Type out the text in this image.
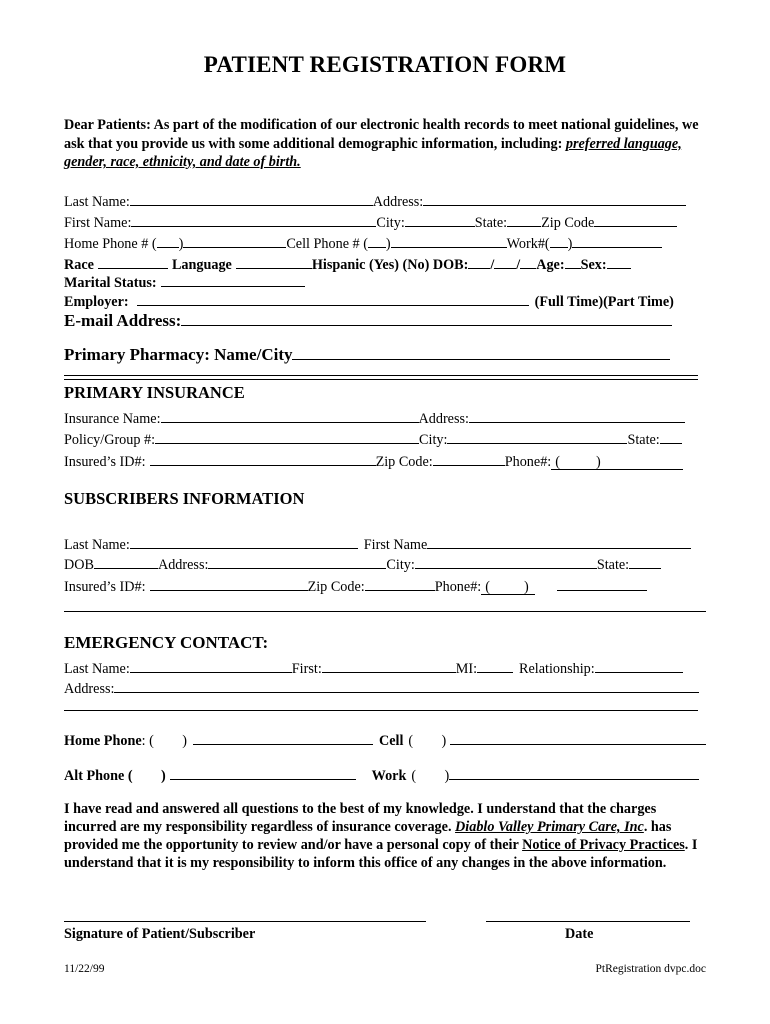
PATIENT REGISTRATION FORM
Dear Patients: As part of the modification of our electronic health records to meet national guidelines, we ask that you provide us with some additional demographic information, including: preferred language, gender, race, ethnicity, and date of birth.
Last Name:	Address:
First Name:	City:	State: Zip Code
Home Phone # ( )	Cell Phone # ( )	Work#( )
Race	Language	Hispanic (Yes) (No) DOB: / / Age: Sex:
Marital Status:
Employer:	(Full Time)(Part Time)
E-mail Address:
Primary Pharmacy: Name/City
PRIMARY INSURANCE
Insurance Name:	Address:
Policy/Group #:	City:	State:
Insured’s ID#:	Zip Code:	Phone#: (	)
SUBSCRIBERS INFORMATION
Last Name:	First Name
DOB	Address:	City:	State:
Insured’s ID#:	Zip Code:	Phone#: ( )
EMERGENCY CONTACT:
Last Name:	First:	MI:	Relationship:
Address:
Home Phone: (        )	Cell (        )
Alt Phone (        )	Work (        )
I have read and answered all questions to the best of my knowledge. I understand that the charges incurred are my responsibility regardless of insurance coverage. Diablo Valley Primary Care, Inc. has provided me the opportunity to review and/or have a personal copy of their Notice of Privacy Practices. I understand that it is my responsibility to inform this office of any changes in the above information.
Signature of Patient/Subscriber	Date
11/22/99	PtRegistration dvpc.doc
